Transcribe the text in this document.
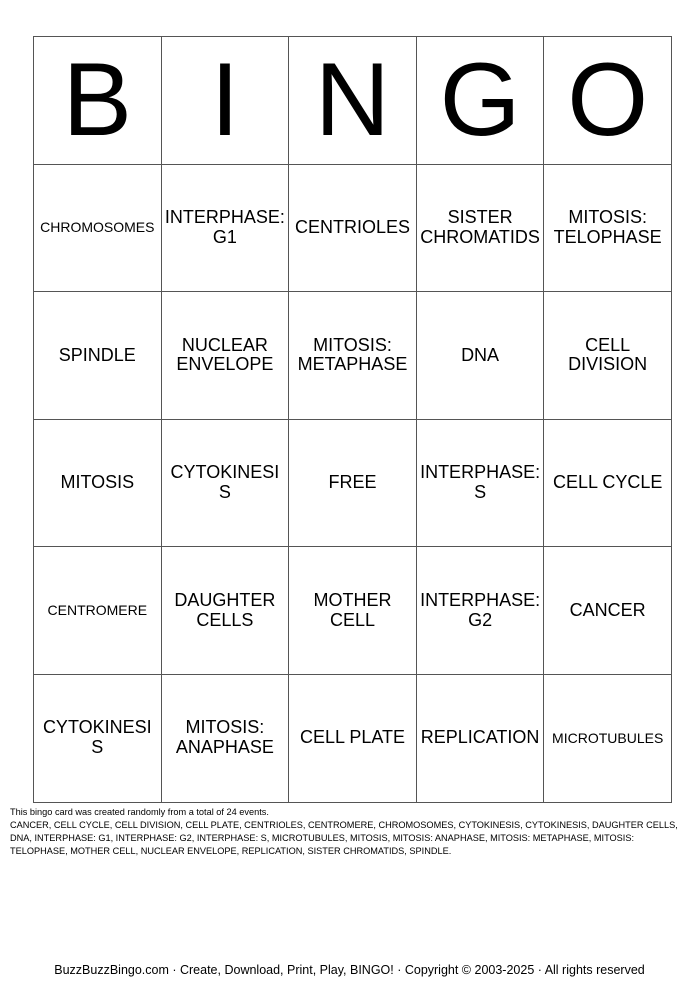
B	I	N	G	O

CHROMOSOMES	INTERPHASE: G1	CENTRIOLES	SISTER CHROMATIDS	MITOSIS: TELOPHASE

SPINDLE	NUCLEAR ENVELOPE	MITOSIS: METAPHASE	DNA	CELL DIVISION

MITOSIS	CYTOKINESIS	FREE	INTERPHASE: S	CELL CYCLE

CENTROMERE	DAUGHTER CELLS	MOTHER CELL	INTERPHASE: G2	CANCER

CYTOKINESIS	MITOSIS: ANAPHASE	CELL PLATE	REPLICATION	MICROTUBULES

This bingo card was created randomly from a total of 24 events.

CANCER, CELL CYCLE, CELL DIVISION, CELL PLATE, CENTRIOLES, CENTROMERE, CHROMOSOMES, CYTOKINESIS, CYTOKINESIS, DAUGHTER CELLS, DNA, INTERPHASE: G1, INTERPHASE: G2, INTERPHASE: S, MICROTUBULES, MITOSIS, MITOSIS: ANAPHASE, MITOSIS: METAPHASE, MITOSIS: TELOPHASE, MOTHER CELL, NUCLEAR ENVELOPE, REPLICATION, SISTER CHROMATIDS, SPINDLE.

BuzzBuzzBingo.com · Create, Download, Print, Play, BINGO! · Copyright © 2003-2025 · All rights reserved
